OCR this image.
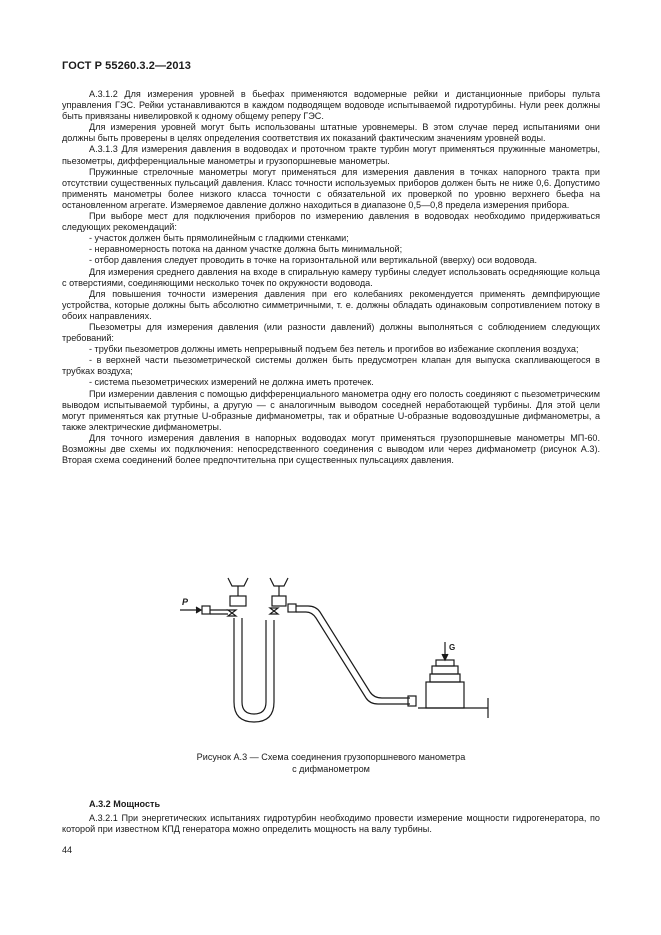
ГОСТ Р 55260.3.2—2013

А.3.1.2 Для измерения уровней в бьефах применяются водомерные рейки и дистанционные приборы пульта управления ГЭС. Рейки устанавливаются в каждом подводящем водоводе испытываемой гидротурбины. Нули реек должны быть привязаны нивелировкой к одному общему реперу ГЭС.

Для измерения уровней могут быть использованы штатные уровнемеры. В этом случае перед испытаниями они должны быть проверены в целях определения соответствия их показаний фактическим значениям уровней воды.

А.3.1.3 Для измерения давления в водоводах и проточном тракте турбин могут применяться пружинные манометры, пьезометры, дифференциальные манометры и грузопоршневые манометры.

Пружинные стрелочные манометры могут применяться для измерения давления в точках напорного тракта при отсутствии существенных пульсаций давления. Класс точности используемых приборов должен быть не ниже 0,6. Допустимо применять манометры более низкого класса точности с обязательной их проверкой по уровню верхнего бьефа на остановленном агрегате. Измеряемое давление должно находиться в диапазоне 0,5—0,8 предела измерения прибора.

При выборе мест для подключения приборов по измерению давления в водоводах необходимо придерживаться следующих рекомендаций:

- участок должен быть прямолинейным с гладкими стенками;

- неравномерность потока на данном участке должна быть минимальной;

- отбор давления следует проводить в точке на горизонтальной или вертикальной (вверху) оси водовода.

Для измерения среднего давления на входе в спиральную камеру турбины следует использовать осредняющие кольца с отверстиями, соединяющими несколько точек по окружности водовода.

Для повышения точности измерения давления при его колебаниях рекомендуется применять демпфирующие устройства, которые должны быть абсолютно симметричными, т. е. должны обладать одинаковым сопротивлением потоку в обоих направлениях.

Пьезометры для измерения давления (или разности давлений) должны выполняться с соблюдением следующих требований:

- трубки пьезометров должны иметь непрерывный подъем без петель и прогибов во избежание скопления воздуха;

- в верхней части пьезометрической системы должен быть предусмотрен клапан для выпуска скапливающегося в трубках воздуха;

- система пьезометрических измерений не должна иметь протечек.

При измерении давления с помощью дифференциального манометра одну его полость соединяют с пьезометрическим выводом испытываемой турбины, а другую — с аналогичным выводом соседней неработающей турбины. Для этой цели могут применяться как ртутные U-образные дифманометры, так и обратные U-образные водовоздушные дифманометры, а также электрические дифманометры.

Для точного измерения давления в напорных водоводах могут применяться грузопоршневые манометры МП-60. Возможны две схемы их подключения: непосредственного соединения с выводом или через дифманометр (рисунок А.3). Вторая схема соединений более предпочтительна при существенных пульсациях давления.

P
G
Рисунок А.3 — Схема соединения грузопоршневого манометра
с дифманометром

А.3.2 Мощность

А.3.2.1 При энергетических испытаниях гидротурбин необходимо провести измерение мощности гидрогенератора, по которой при известном КПД генератора можно определить мощность на валу турбины.

44
